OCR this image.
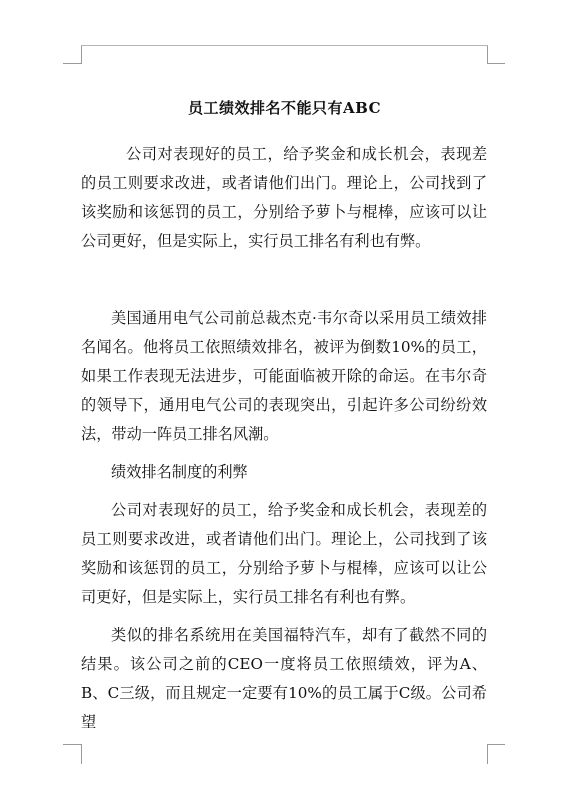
员工绩效排名不能只有ABC

公司对表现好的员工，给予奖金和成长机会，表现差的员工则要求改进，或者请他们出门。理论上，公司找到了该奖励和该惩罚的员工，分别给予萝卜与棍棒，应该可以让公司更好，但是实际上，实行员工排名有利也有弊。

美国通用电气公司前总裁杰克·韦尔奇以采用员工绩效排名闻名。他将员工依照绩效排名，被评为倒数10%的员工，如果工作表现无法进步，可能面临被开除的命运。在韦尔奇的领导下，通用电气公司的表现突出，引起许多公司纷纷效法，带动一阵员工排名风潮。

绩效排名制度的利弊

公司对表现好的员工，给予奖金和成长机会，表现差的员工则要求改进，或者请他们出门。理论上，公司找到了该奖励和该惩罚的员工，分别给予萝卜与棍棒，应该可以让公司更好，但是实际上，实行员工排名有利也有弊。

类似的排名系统用在美国福特汽车，却有了截然不同的结果。该公司之前的CEO一度将员工依照绩效，评为A、B、C三级，而且规定一定要有10%的员工属于C级。公司希望
